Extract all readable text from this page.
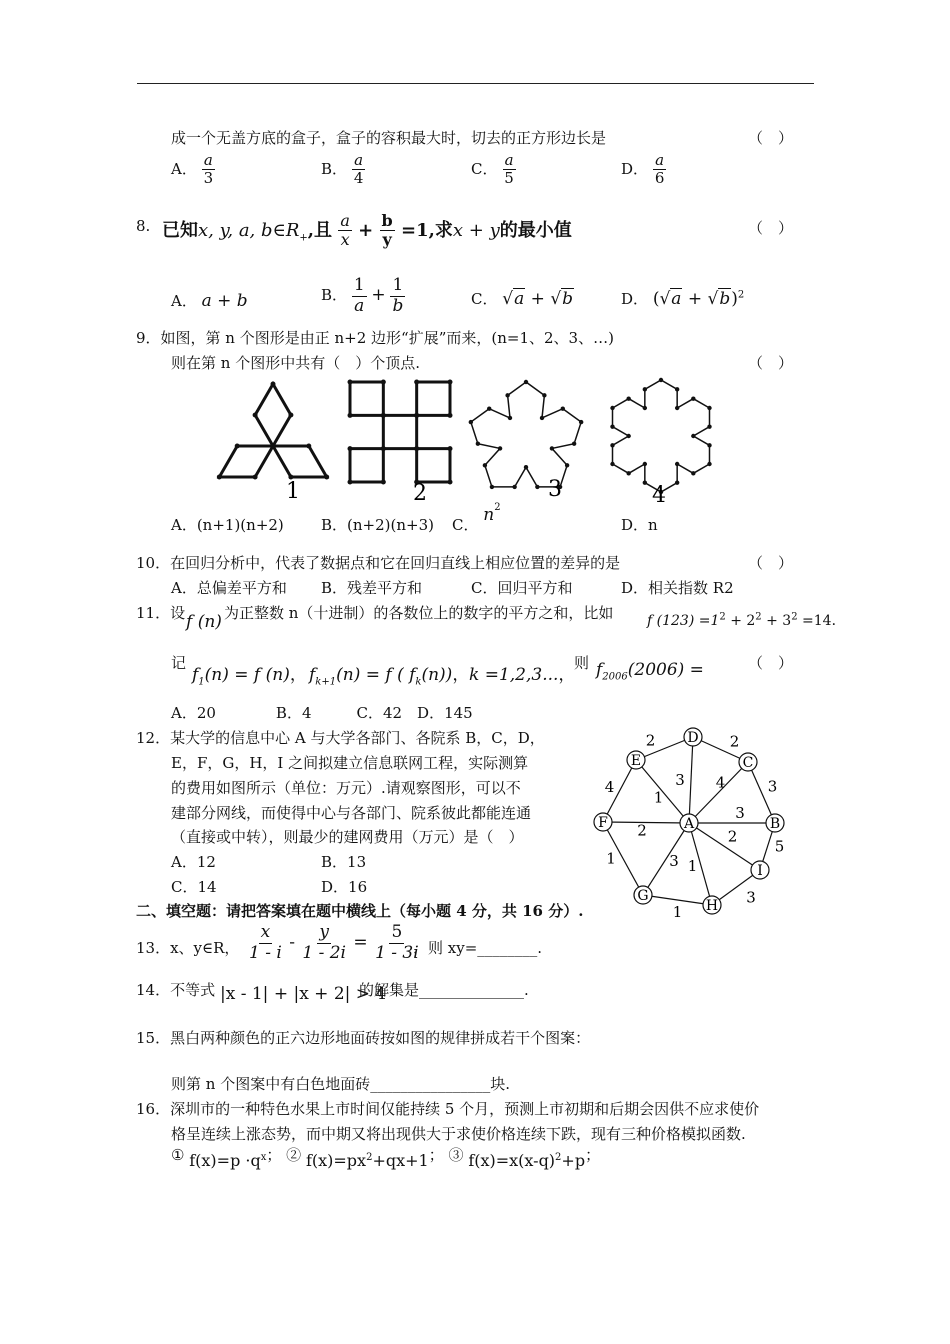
成一个无盖方底的盒子，盒子的容积最大时，切去的正方形边长是	（　）
A． $\frac{a}{3}$	B． $\frac{a}{4}$	C． $\frac{a}{5}$	D． $\frac{a}{6}$
8. 已知x, y, a, $b\in R_+$,且 $\frac{a}{x} + \frac{b}{y} =1$,求x + y的最小值	（　）
A． a + b	B． $\frac{1}{a} + \frac{1}{b}$	C． √a + √b	D． $(√a + √b)^2$
9．如图，第 n 个图形是由正 n+2 边形“扩展”而来，(n=1、2、3、…)
则在第 n 个图形中共有（　）个顶点.	（　）
1	2	3	4
A．(n+1)(n+2) B．(n+2)(n+3) C． $n^2$
D．n
10．在回归分析中，代表了数据点和它在回归直线上相应位置的差异的是	（　）
A．总偏差平方和 B．残差平方和	C．回归平方和	D．相关指数 R2
11．设 f (n) 为正整数 n（十进制）的各数位上的数字的平方之和，比如 f $(123) =1^2 + 2^2 + 3^2 =14$．
记
$f_1(n) = f$ (n)， $f_{k+1}(n) = f$ ( $f_k(n)$)， k =1,2,3...，
则 $f_{2006}(2006)$ =	（　）
A．20　　　　B．4　　　C．42　D．145
12．某大学的信息中心 A 与大学各部门、各院系 B，C，D，
E，F，G，H，I 之间拟建立信息联网工程，实际测算
的费用如图所示（单位：万元）.请观察图形，可以不
建部分网线，而使得中心与各部门、院系彼此都能连通
（直接或中转），则最少的建网费用（万元）是（　）
A．12	B．13
C．14	D．16
2	2
3
5
3
1
1
4	3 4
3
2
1
3
2
1
A	B
C
D
E
F
G
H
I
二、填空题：请把答案填在题中横线上（每小题 4 分，共 16 分）.
13．x、y∈R， $\frac{x}{1 - i} - \frac{y}{1 - 2i} = \frac{5}{1 - 3i}$
，则 xy=________.
14．不等式 |x - 1| + |x + 2| > 4
的解集是______________.
15．黑白两种颜色的正六边形地面砖按如图的规律拼成若干个图案：
则第 n 个图案中有白色地面砖________________块.
16．深圳市的一种特色水果上市时间仅能持续 5 个月，预测上市初期和后期会因供不应求使价
格呈连续上涨态势，而中期又将出现供大于求使价格连续下跌，现有三种价格模拟函数.
① $f(x)=p \cdot q^x$； ② $f(x)=px^2+qx+1$； ③ $f(x)=x(x-q)^2+p$；
